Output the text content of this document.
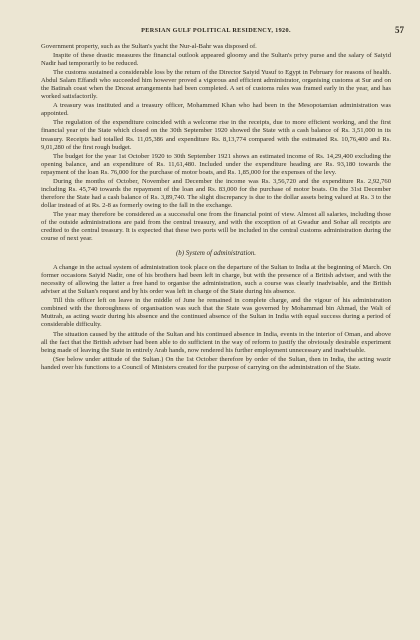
PERSIAN GULF POLITICAL RESIDENCY, 1920.	57

Government property, such as the Sultan's yacht the Nur-al-Bahr was disposed of.

Inspite of these drastic measures the financial outlook appeared gloomy and the Sultan's privy purse and the salary of Saiyid Nadir had temporarily to be reduced.

The customs sustained a considerable loss by the return of the Director Saiyid Yusuf to Egypt in February for reasons of health. Abdul Salam Effandi who succeeded him however proved a vigorous and efficient administrator, organising customs at Sur and on the Batinah coast when the Dnceat arrangements had been completed. A set of customs rules was framed early in the year, and has worked satisfactorily.

A treasury was instituted and a treasury officer, Mohammed Khan who had been in the Mesopotamian administration was appointed.

The regulation of the expenditure coincided with a welcome rise in the receipts, due to more efficient working, and the first financial year of the State which closed on the 30th September 1920 showed the State with a cash balance of Rs. 3,51,000 in its treasury. Receipts had totalled Rs. 11,05,386 and expenditure Rs. 8,13,774 compared with the estimated Rs. 10,76,400 and Rs. 9,01,280 of the first rough budget.

The budget for the year 1st October 1920 to 30th September 1921 shows an estimated income of Rs. 14,29,400 excluding the opening balance, and an expenditure of Rs. 11,61,480. Included under the expenditure heading are Rs. 93,180 towards the repayment of the loan Rs. 76,000 for the purchase of motor boats, and Rs. 1,85,000 for the expenses of the levy.

During the months of October, November and December the income was Rs. 3,56,720 and the expenditure Rs. 2,92,760 including Rs. 45,740 towards the repayment of the loan and Rs. 83,000 for the purchase of motor boats. On the 31st December therefore the State had a cash balance of Rs. 3,89,740. The slight discrepancy is due to the dollar assets being valued at Rs. 3 to the dollar instead of at Rs. 2-8 as formerly owing to the fall in the exchange.

The year may therefore be considered as a successful one from the financial point of view. Almost all salaries, including those of the outside administrations are paid from the central treasury, and with the exception of at Gwadur and Sohar all receipts are credited to the central treasury. It is expected that these two ports will be included in the central customs administration during the course of next year.

(b) System of administration.

A change in the actual system of administration took place on the departure of the Sultan to India at the beginning of March. On former occasions Saiyid Nadir, one of his brothers had been left in charge, but with the presence of a British adviser, and with the necessity of allowing the latter a free hand to organise the administration, such a course was clearly inadvisable, and the British adviser at the Sultan's request and by his order was left in charge of the State during his absence.

Till this officer left on leave in the middle of June he remained in complete charge, and the vigour of his administration combined with the thoroughness of organisation was such that the State was governed by Mohammad bin Ahmad, the Wali of Muttrah, as acting wazir during his absence and the continued absence of the Sultan in India with equal success during a period of considerable difficulty.

The situation caused by the attitude of the Sultan and his continued absence in India, events in the interior of Oman, and above all the fact that the British adviser had been able to do sufficient in the way of reform to justify the obviously desirable experiment being made of leaving the State in entirely Arab hands, now rendered his further employment unnecessary and inadvisable.

(See below under attitude of the Sultan.) On the 1st October therefore by order of the Sultan, then in India, the acting wazir handed over his functions to a Council of Ministers created for the purpose of carrying on the administration of the State.
